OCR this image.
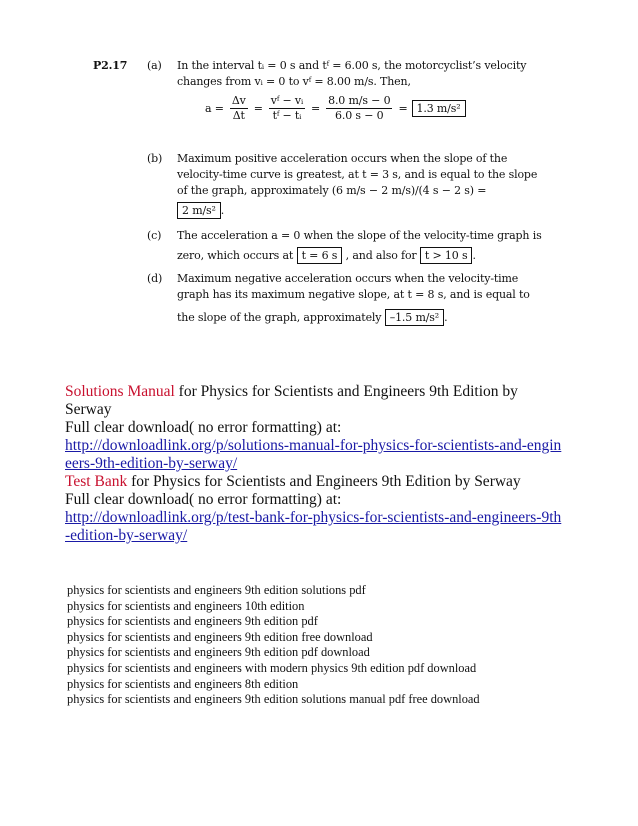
P2.17 (a) In the interval tᵢ = 0 s and tᶠ = 6.00 s, the motorcyclist’s velocity
changes from vᵢ = 0 to vᶠ = 8.00 m/s. Then,
$a = \frac{\Delta v}{\Delta t} = \frac{\text{vᶠ − vᵢ}}{\text{tᶠ − tᵢ}} = \frac{8.0 m/s - 0}{6.0 s - 0} = 1.3$ m/s²
(b) Maximum positive acceleration occurs when the slope of the
velocity-time curve is greatest, at t = 3 s, and is equal to the slope
of the graph, approximately (6 m/s − 2 m/s)/(4 s − 2 s) =
2 m/s² .
(c) The acceleration a = 0 when the slope of the velocity-time graph is
zero, which occurs at t = 6 s , and also for t > 10 s .
(d) Maximum negative acceleration occurs when the velocity-time
graph has its maximum negative slope, at t = 8 s, and is equal to
the slope of the graph, approximately –1.5 m/s² .
Solutions Manual for Physics for Scientists and Engineers 9th Edition by Serway
Full clear download( no error formatting) at:
http://downloadlink.org/p/solutions-manual-for-physics-for-scientists-and-engineers-9th-edition-by-serway/
Test Bank for Physics for Scientists and Engineers 9th Edition by Serway
Full clear download( no error formatting) at:
http://downloadlink.org/p/test-bank-for-physics-for-scientists-and-engineers-9th-edition-by-serway/
physics for scientists and engineers 9th edition solutions pdf
physics for scientists and engineers 10th edition
physics for scientists and engineers 9th edition pdf
physics for scientists and engineers 9th edition free download
physics for scientists and engineers 9th edition pdf download
physics for scientists and engineers with modern physics 9th edition pdf download
physics for scientists and engineers 8th edition
physics for scientists and engineers 9th edition solutions manual pdf free download
